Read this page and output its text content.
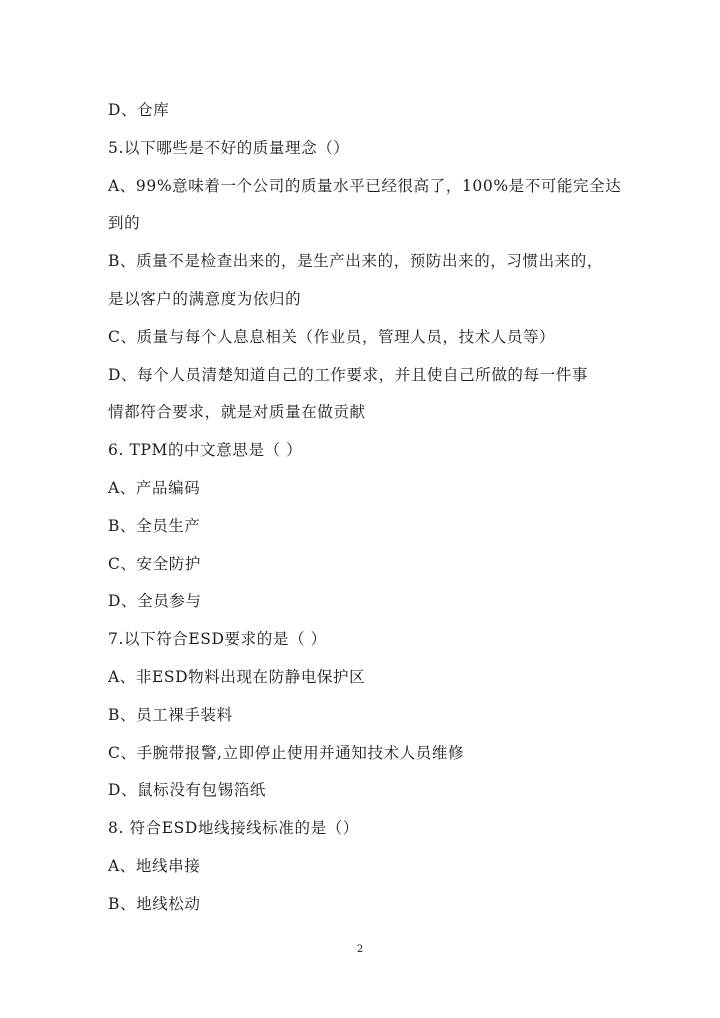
D、仓库
5.以下哪些是不好的质量理念（）
A、99%意味着一个公司的质量水平已经很高了，100%是不可能完全达
到的
B、质量不是检查出来的，是生产出来的，预防出来的，习惯出来的，
是以客户的满意度为依归的
C、质量与每个人息息相关（作业员，管理人员，技术人员等）
D、每个人员清楚知道自己的工作要求，并且使自己所做的每一件事
情都符合要求，就是对质量在做贡献
6. TPM的中文意思是（ ）
A、产品编码
B、全员生产
C、安全防护
D、全员参与
7.以下符合ESD要求的是（ ）
A、非ESD物料出现在防静电保护区
B、员工裸手装料
C、手腕带报警,立即停止使用并通知技术人员维修
D、鼠标没有包锡箔纸
8. 符合ESD地线接线标准的是（）
A、地线串接
B、地线松动
2
